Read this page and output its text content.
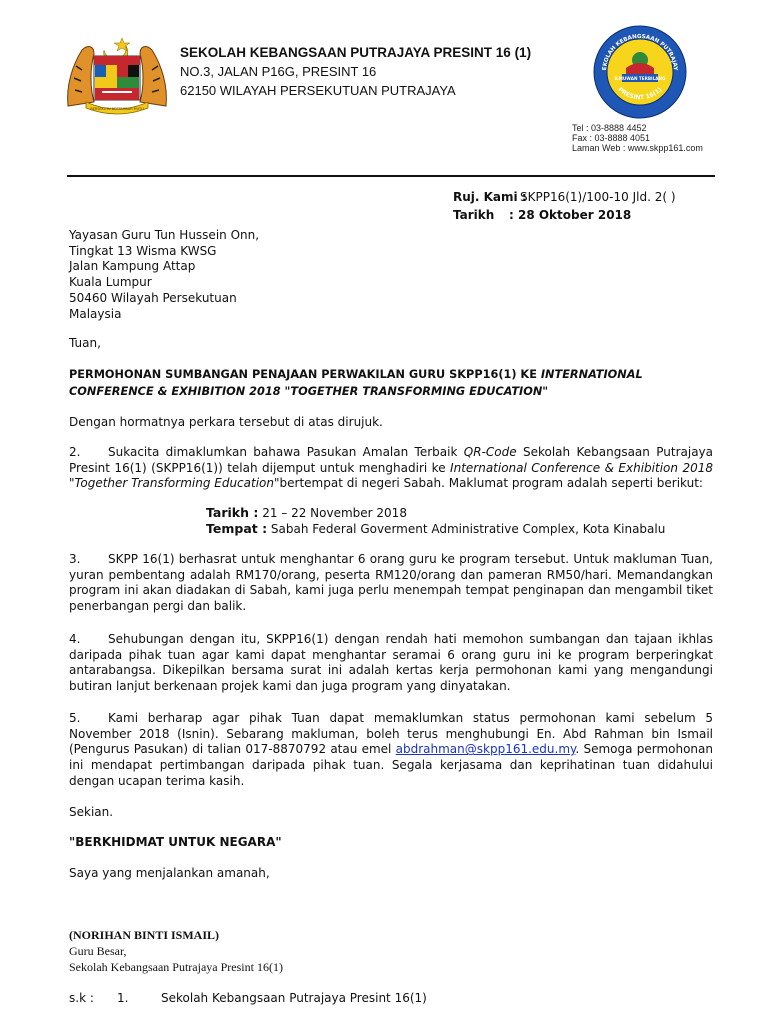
BERSEKUTU BERTAMBAH MUTU
SEKOLAH KEBANGSAAN PUTRAJAYA PRESINT 16 (1)
NO.3, JALAN P16G, PRESINT 16
62150 WILAYAH PERSEKUTUAN PUTRAJAYA
EKOLAH KEBANGSAAN PUTRAJAY
PRESINT 16(1)
ILMUWAN TERBILANG
Tel : 03-8888 4452
Fax : 03-8888 4051
Laman Web : www.skpp161.com
Ruj. Kami :
SKPP16(1)/100-10 Jld. 2( )
Tarikh : 28 Oktober 2018
Yayasan Guru Tun Hussein Onn,
Tingkat 13 Wisma KWSG
Jalan Kampung Attap
Kuala Lumpur
50460 Wilayah Persekutuan
Malaysia
Tuan,
PERMOHONAN SUMBANGAN PENAJAAN PERWAKILAN GURU SKPP16(1) KE INTERNATIONAL
CONFERENCE & EXHIBITION 2018 "TOGETHER TRANSFORMING EDUCATION"
Dengan hormatnya perkara tersebut di atas dirujuk.
2. Sukacita dimaklumkan bahawa Pasukan Amalan Terbaik QR-Code Sekolah Kebangsaan Putrajaya Presint 16(1) (SKPP16(1)) telah dijemput untuk menghadiri ke International Conference & Exhibition 2018 "Together Transforming Education"bertempat di negeri Sabah. Maklumat program adalah seperti berikut:
Tarikh : 21 – 22 November 2018
Tempat : Sabah Federal Goverment Administrative Complex, Kota Kinabalu
3. SKPP 16(1) berhasrat untuk menghantar 6 orang guru ke program tersebut. Untuk makluman Tuan, yuran pembentang adalah RM170/orang, peserta RM120/orang dan pameran RM50/hari. Memandangkan program ini akan diadakan di Sabah, kami juga perlu menempah tempat penginapan dan mengambil tiket penerbangan pergi dan balik.
4. Sehubungan dengan itu, SKPP16(1) dengan rendah hati memohon sumbangan dan tajaan ikhlas daripada pihak tuan agar kami dapat menghantar seramai 6 orang guru ini ke program berperingkat antarabangsa. Dikepilkan bersama surat ini adalah kertas kerja permohonan kami yang mengandungi butiran lanjut berkenaan projek kami dan juga program yang dinyatakan.
5. Kami berharap agar pihak Tuan dapat memaklumkan status permohonan kami sebelum 5 November 2018 (Isnin). Sebarang makluman, boleh terus menghubungi En. Abd Rahman bin Ismail (Pengurus Pasukan) di talian 017-8870792 atau emel abdrahman@skpp161.edu.my. Semoga permohonan ini mendapat pertimbangan daripada pihak tuan. Segala kerjasama dan keprihatinan tuan didahului dengan ucapan terima kasih.
Sekian.
"BERKHIDMAT UNTUK NEGARA"
Saya yang menjalankan amanah,
(NORIHAN BINTI ISMAIL)
Guru Besar,
Sekolah Kebangsaan Putrajaya Presint 16(1)
s.k : 1.	Sekolah Kebangsaan Putrajaya Presint 16(1)
